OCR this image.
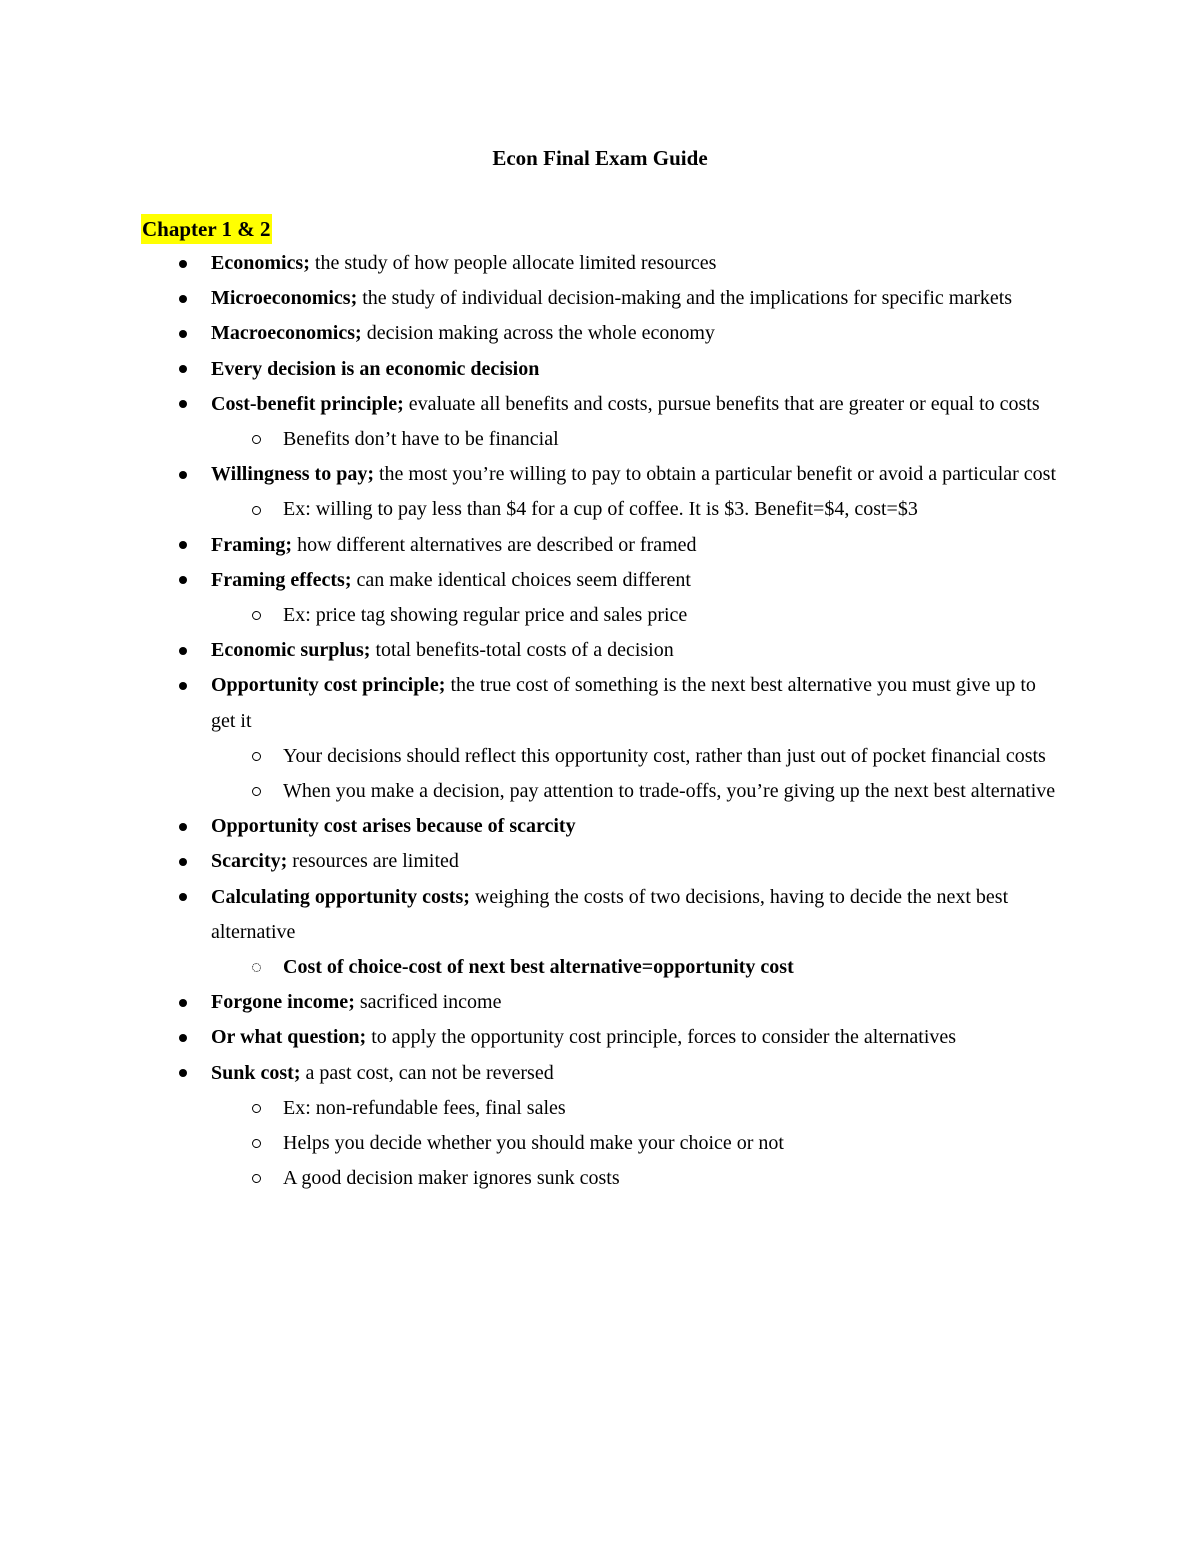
Econ Final Exam Guide
Chapter 1 & 2
Economics; the study of how people allocate limited resources
Microeconomics; the study of individual decision-making and the implications for specific markets
Macroeconomics; decision making across the whole economy
Every decision is an economic decision
Cost-benefit principle; evaluate all benefits and costs, pursue benefits that are greater or equal to costs
Benefits don’t have to be financial
Willingness to pay; the most you’re willing to pay to obtain a particular benefit or avoid a particular cost
Ex: willing to pay less than $4 for a cup of coffee. It is $3. Benefit=$4, cost=$3
Framing; how different alternatives are described or framed
Framing effects; can make identical choices seem different
Ex: price tag showing regular price and sales price
Economic surplus; total benefits-total costs of a decision
Opportunity cost principle; the true cost of something is the next best alternative you must give up to get it
Your decisions should reflect this opportunity cost, rather than just out of pocket financial costs
When you make a decision, pay attention to trade-offs, you’re giving up the next best alternative
Opportunity cost arises because of scarcity
Scarcity; resources are limited
Calculating opportunity costs; weighing the costs of two decisions, having to decide the next best alternative
Cost of choice-cost of next best alternative=opportunity cost
Forgone income; sacrificed income
Or what question; to apply the opportunity cost principle, forces to consider the alternatives
Sunk cost; a past cost, can not be reversed
Ex: non-refundable fees, final sales
Helps you decide whether you should make your choice or not
A good decision maker ignores sunk costs
